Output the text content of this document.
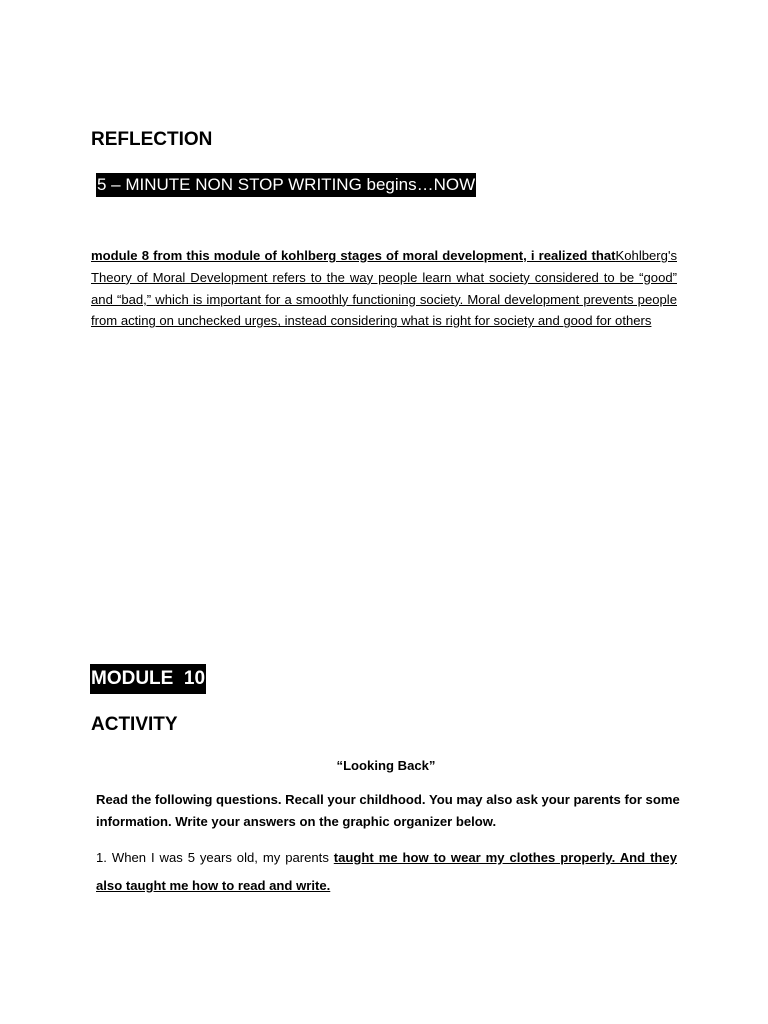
REFLECTION
5 – MINUTE NON STOP WRITING begins…NOW

module 8 from this module of kohlberg stages of moral development, i realized thatKohlberg's Theory of Moral Development refers to the way people learn what society considered to be “good” and “bad,” which is important for a smoothly functioning society. Moral development prevents people from acting on unchecked urges, instead considering what is right for society and good for others

MODULE  10
ACTIVITY

“Looking Back”

Read the following questions. Recall your childhood. You may also ask your parents for some information. Write your answers on the graphic organizer below.

1. When I was 5 years old, my parents taught me how to wear my clothes properly. And they also taught me how to read and write.
